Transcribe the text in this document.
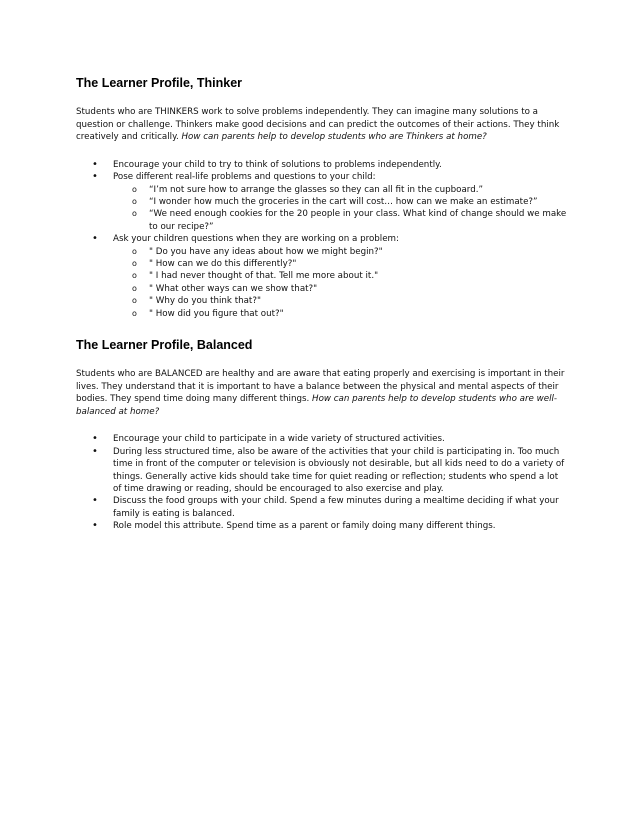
The Learner Profile, Thinker

Students who are THINKERS work to solve problems independently. They can imagine many solutions to a question or challenge. Thinkers make good decisions and can predict the outcomes of their actions. They think creatively and critically. How can parents help to develop students who are Thinkers at home?

• Encourage your child to try to think of solutions to problems independently.
• Pose different real-life problems and questions to your child:
o “I’m not sure how to arrange the glasses so they can all fit in the cupboard.”
o “I wonder how much the groceries in the cart will cost… how can we make an estimate?”
o “We need enough cookies for the 20 people in your class. What kind of change should we make to our recipe?”
• Ask your children questions when they are working on a problem:
o " Do you have any ideas about how we might begin?"
o " How can we do this differently?"
o " I had never thought of that. Tell me more about it."
o " What other ways can we show that?"
o " Why do you think that?"
o " How did you figure that out?"
The Learner Profile, Balanced

Students who are BALANCED are healthy and are aware that eating properly and exercising is important in their lives. They understand that it is important to have a balance between the physical and mental aspects of their bodies. They spend time doing many different things. How can parents help to develop students who are well-balanced at home?

• Encourage your child to participate in a wide variety of structured activities.
• During less structured time, also be aware of the activities that your child is participating in. Too much time in front of the computer or television is obviously not desirable, but all kids need to do a variety of things. Generally active kids should take time for quiet reading or reflection; students who spend a lot of time drawing or reading, should be encouraged to also exercise and play.
• Discuss the food groups with your child. Spend a few minutes during a mealtime deciding if what your family is eating is balanced.
• Role model this attribute. Spend time as a parent or family doing many different things.
